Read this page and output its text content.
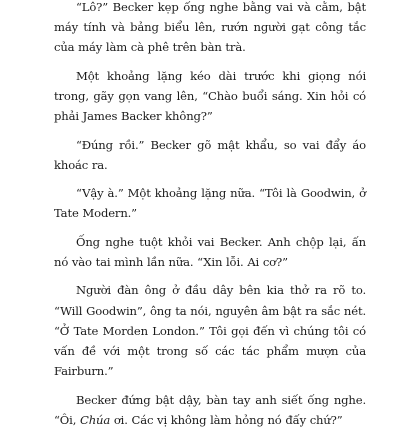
“Lô?” Becker kẹp ống nghe bằng vai và cằm, bật máy tính và bảng biểu lên, rướn người gạt công tắc của máy làm cà phê trên bàn trà.

Một khoảng lặng kéo dài trước khi giọng nói trong, gãy gọn vang lên, “Chào buổi sáng. Xin hỏi có phải James Backer không?”

“Đúng rồi.” Becker gõ mật khẩu, so vai đẩy áo khoác ra.

“Vậy à.” Một khoảng lặng nữa. “Tôi là Goodwin, ở Tate Modern.”

Ống nghe tuột khỏi vai Becker. Anh chộp lại, ấn nó vào tai mình lần nữa. “Xin lỗi. Ai cơ?”

Người đàn ông ở đầu dây bên kia thở ra rõ to. “Will Goodwin”, ông ta nói, nguyên âm bật ra sắc nét. “Ở Tate Morden London.” Tôi gọi đến vì chúng tôi có vấn đề với một trong số các tác phẩm mượn của Fairburn.”

Becker đứng bật dậy, bàn tay anh siết ống nghe. “Ôi, Chúa ơi. Các vị không làm hỏng nó đấy chứ?”
